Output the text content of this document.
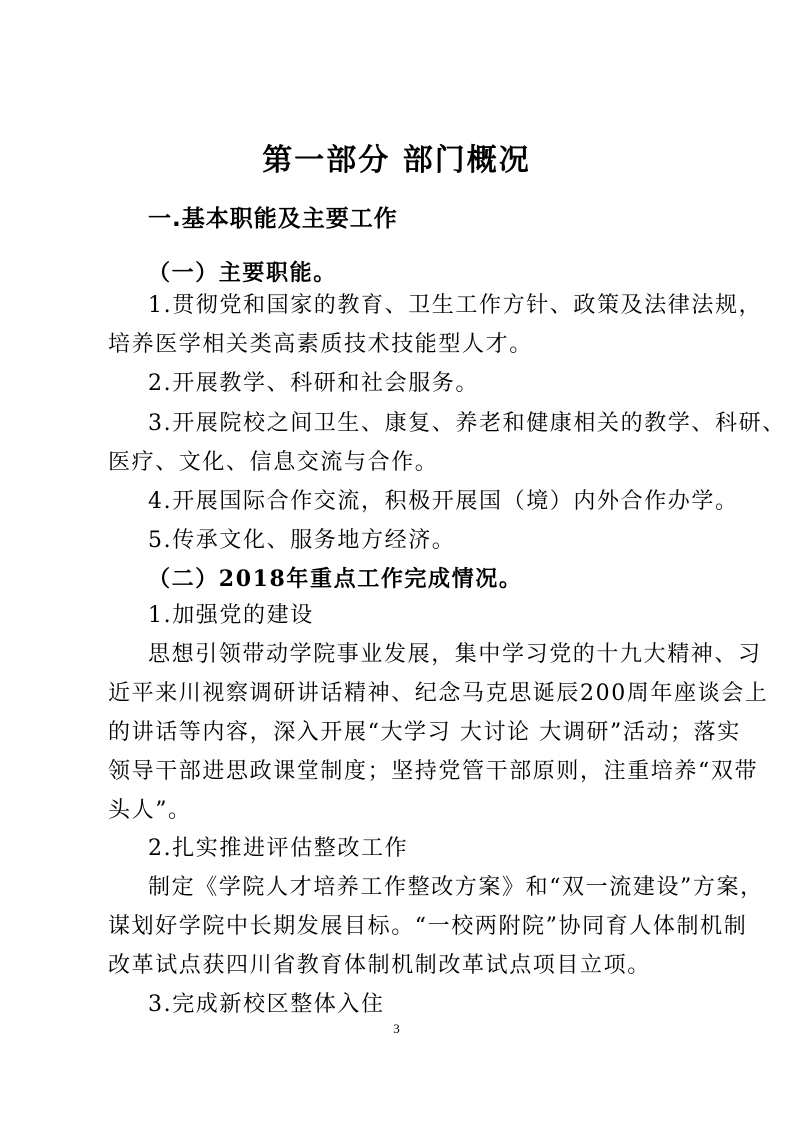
第一部分 部门概况
一.基本职能及主要工作
（一）主要职能。
1.贯彻党和国家的教育、卫生工作方针、政策及法律法规，
培养医学相关类高素质技术技能型人才。
2.开展教学、科研和社会服务。
3.开展院校之间卫生、康复、养老和健康相关的教学、科研、
医疗、文化、信息交流与合作。
4.开展国际合作交流，积极开展国（境）内外合作办学。
5.传承文化、服务地方经济。
（二）2018年重点工作完成情况。
1.加强党的建设
思想引领带动学院事业发展，集中学习党的十九大精神、习
近平来川视察调研讲话精神、纪念马克思诞辰200周年座谈会上
的讲话等内容，深入开展“大学习 大讨论 大调研”活动；落实
领导干部进思政课堂制度；坚持党管干部原则，注重培养“双带
头人”。
2.扎实推进评估整改工作
制定《学院人才培养工作整改方案》和“双一流建设”方案，
谋划好学院中长期发展目标。“一校两附院”协同育人体制机制
改革试点获四川省教育体制机制改革试点项目立项。
3.完成新校区整体入住
3
